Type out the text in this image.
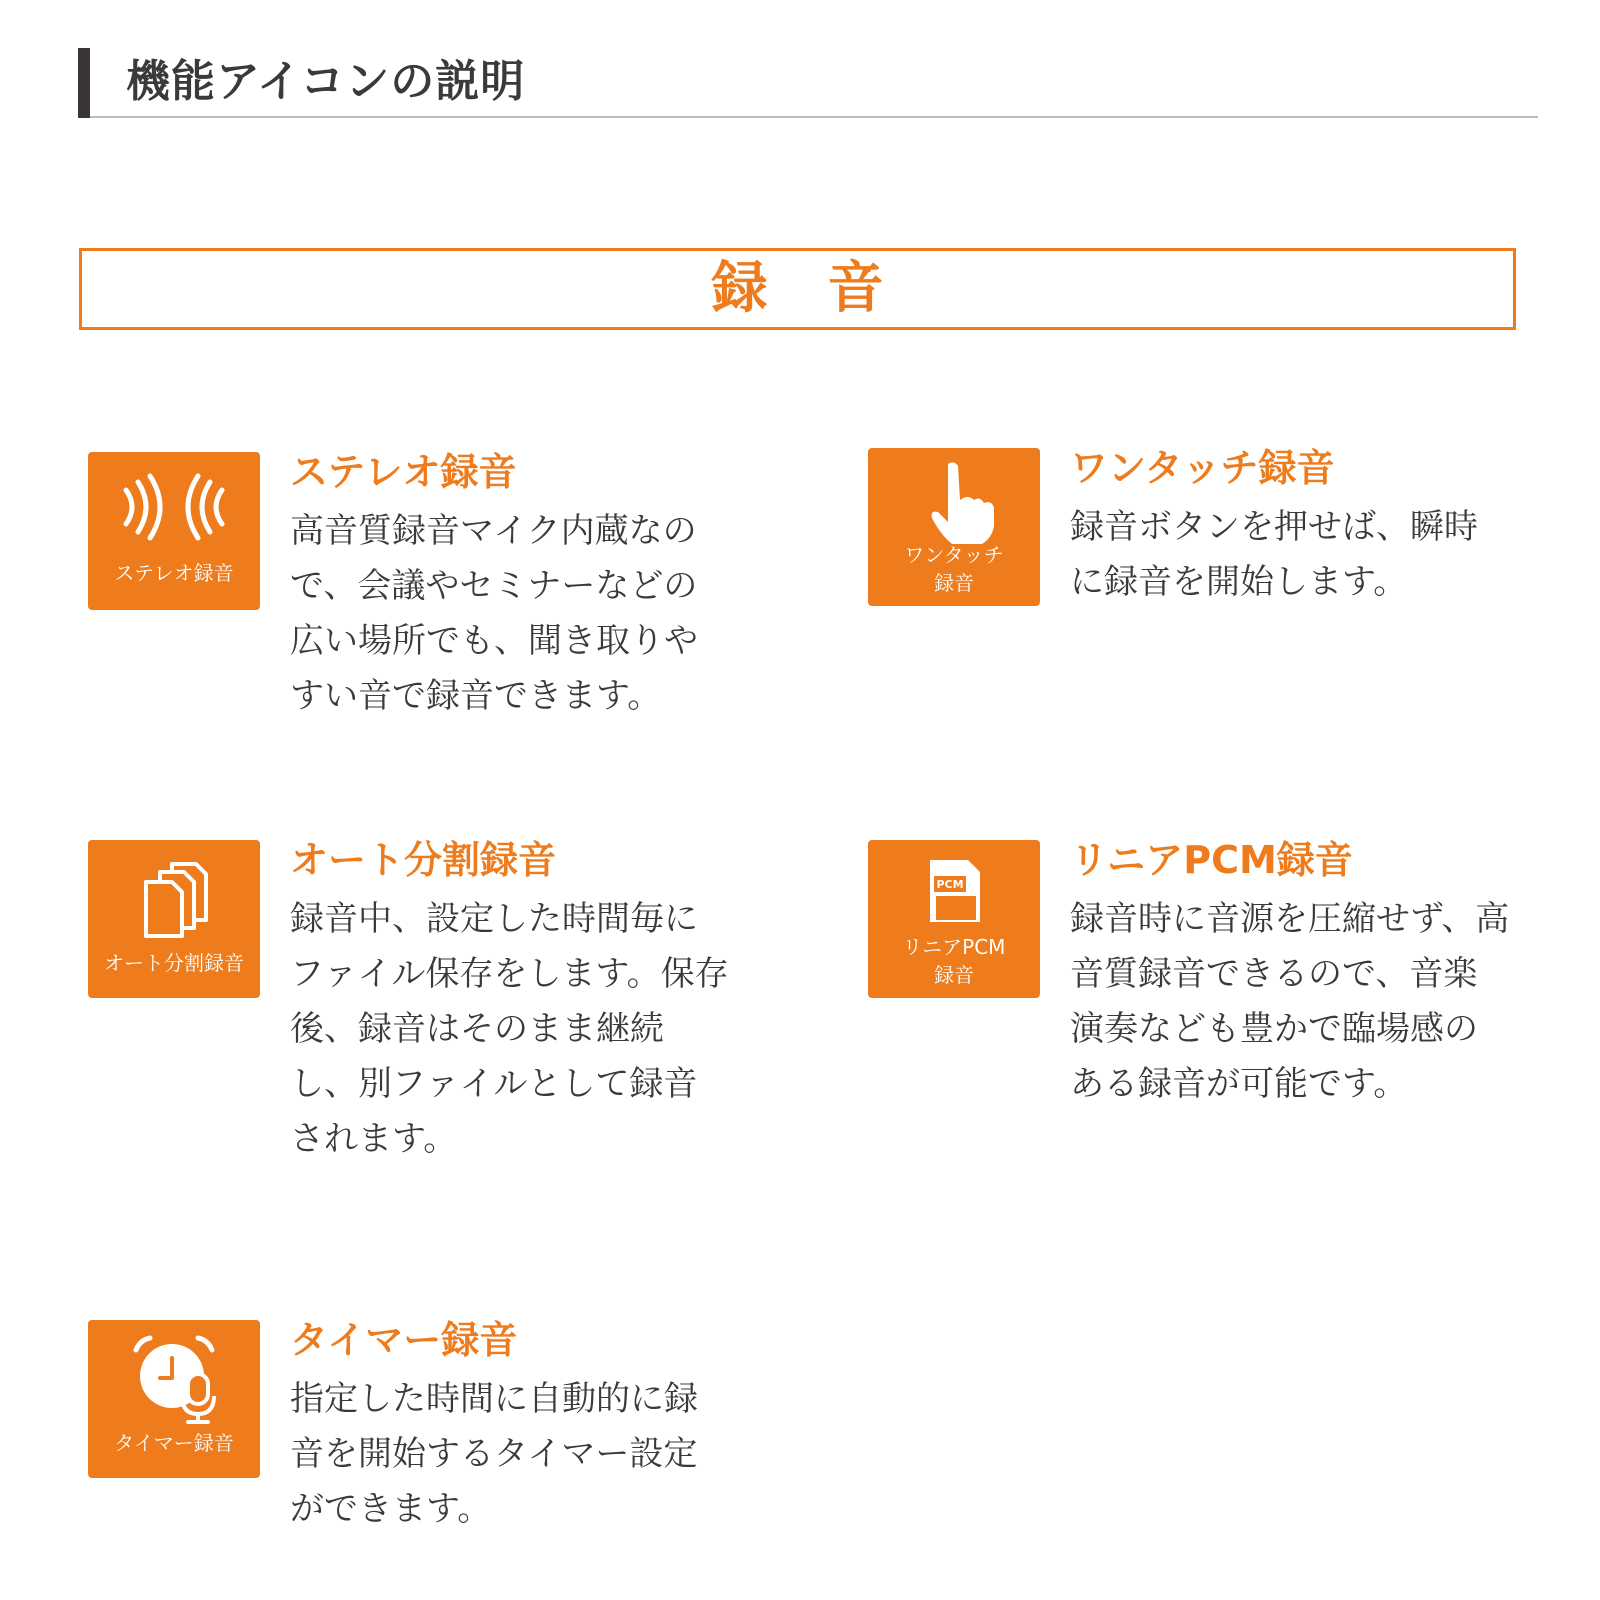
機能アイコンの説明
録音
ステレオ録音
ステレオ録音
高音質録音マイク内蔵なので、会議やセミナーなどの広い場所でも、聞き取りやすい音で録音できます。
ワンタッチ
録音
ワンタッチ録音
録音ボタンを押せば、瞬時に録音を開始します。
オート分割録音
オート分割録音
録音中、設定した時間毎にファイル保存をします。保存後、録音はそのまま継続し、別ファイルとして録音されます。
PCM
リニアPCM
録音
リニアPCM録音
録音時に音源を圧縮せず、高音質録音できるので、音楽演奏なども豊かで臨場感のある録音が可能です。
タイマー録音
タイマー録音
指定した時間に自動的に録音を開始するタイマー設定ができます。
